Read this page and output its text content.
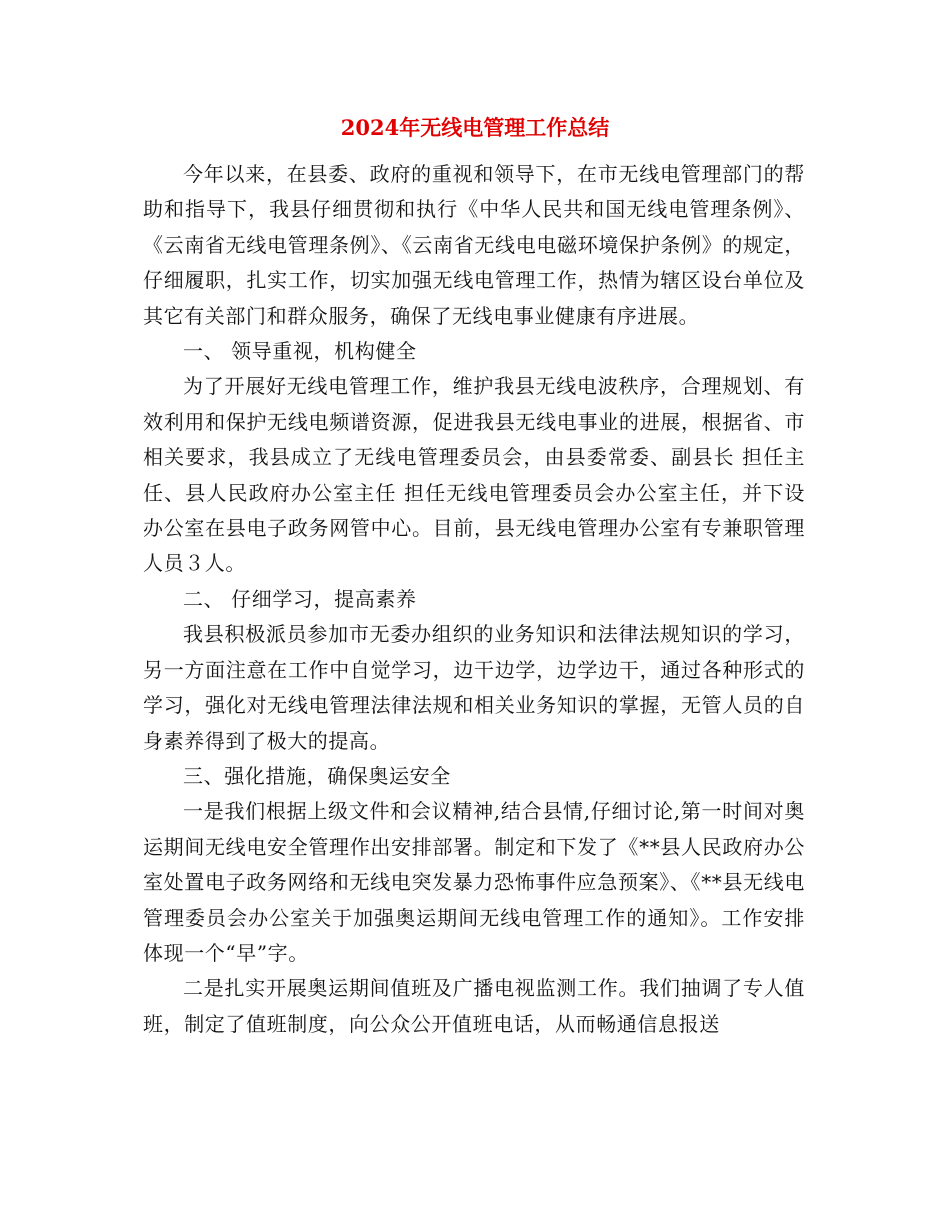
2024年无线电管理工作总结

今年以来，在县委、政府的重视和领导下，在市无线电管理部门的帮助和指导下，我县仔细贯彻和执行《中华人民共和国无线电管理条例》、《云南省无线电管理条例》、《云南省无线电电磁环境保护条例》的规定，仔细履职，扎实工作，切实加强无线电管理工作，热情为辖区设台单位及其它有关部门和群众服务，确保了无线电事业健康有序进展。

一、 领导重视，机构健全

为了开展好无线电管理工作，维护我县无线电波秩序，合理规划、有效利用和保护无线电频谱资源，促进我县无线电事业的进展，根据省、市相关要求，我县成立了无线电管理委员会，由县委常委、副县长 担任主任、县人民政府办公室主任 担任无线电管理委员会办公室主任，并下设办公室在县电子政务网管中心。目前，县无线电管理办公室有专兼职管理人员３人。

二、 仔细学习，提高素养

我县积极派员参加市无委办组织的业务知识和法律法规知识的学习，另一方面注意在工作中自觉学习，边干边学，边学边干，通过各种形式的学习，强化对无线电管理法律法规和相关业务知识的掌握，无管人员的自身素养得到了极大的提高。

三、强化措施，确保奥运安全

一是我们根据上级文件和会议精神,结合县情,仔细讨论,第一时间对奥运期间无线电安全管理作出安排部署。制定和下发了《**县人民政府办公室处置电子政务网络和无线电突发暴力恐怖事件应急预案》、《**县无线电管理委员会办公室关于加强奥运期间无线电管理工作的通知》。工作安排体现一个“早”字。

二是扎实开展奥运期间值班及广播电视监测工作。我们抽调了专人值班，制定了值班制度，向公众公开值班电话，从而畅通信息报送
